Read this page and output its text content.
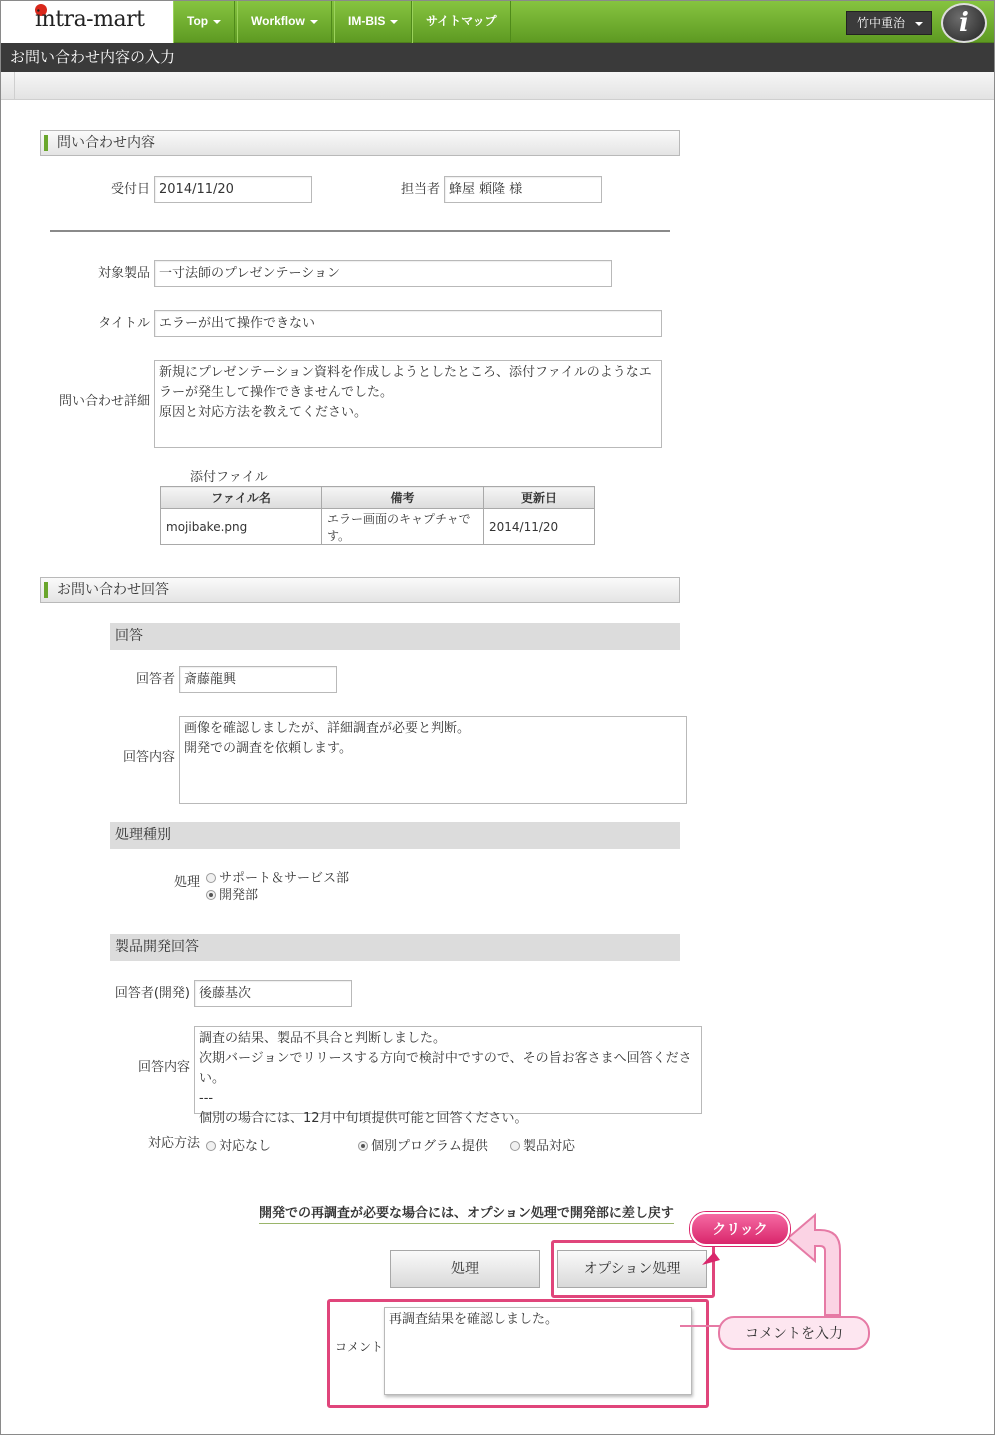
intra-mart	Top	Workflow	IM-BIS	サイトマップ	竹中重治	i
お問い合わせ内容の入力
問い合わせ内容
受付日 2014/11/20	担当者 蜂屋 頼隆 様
対象製品 一寸法師のプレゼンテーション
タイトル エラーが出て操作できない
問い合わせ詳細
新規にプレゼンテーション資料を作成しようとしたところ、添付ファイルのようなエラーが発生して操作できませんでした。
原因と対応方法を教えてください。
添付ファイル
ファイル名	備考	更新日
mojibake.png	エラー画面のキャプチャです。	2014/11/20
お問い合わせ回答
回答
回答者 斎藤龍興
回答内容
画像を確認しましたが、詳細調査が必要と判断。
開発での調査を依頼します。
処理種別
処理	サポート＆サービス部
開発部
製品開発回答
回答者(開発) 後藤基次
回答内容
調査の結果、製品不具合と判断しました。
次期バージョンでリリースする方向で検討中ですので、その旨お客さまへ回答ください。
---
個別の場合には、12月中旬頃提供可能と回答ください。
対応方法	対応なし	個別プログラム提供	製品対応
開発での再調査が必要な場合には、オプション処理で開発部に差し戻す
処理	オプション処理
コメント
再調査結果を確認しました。
クリック
コメントを入力
